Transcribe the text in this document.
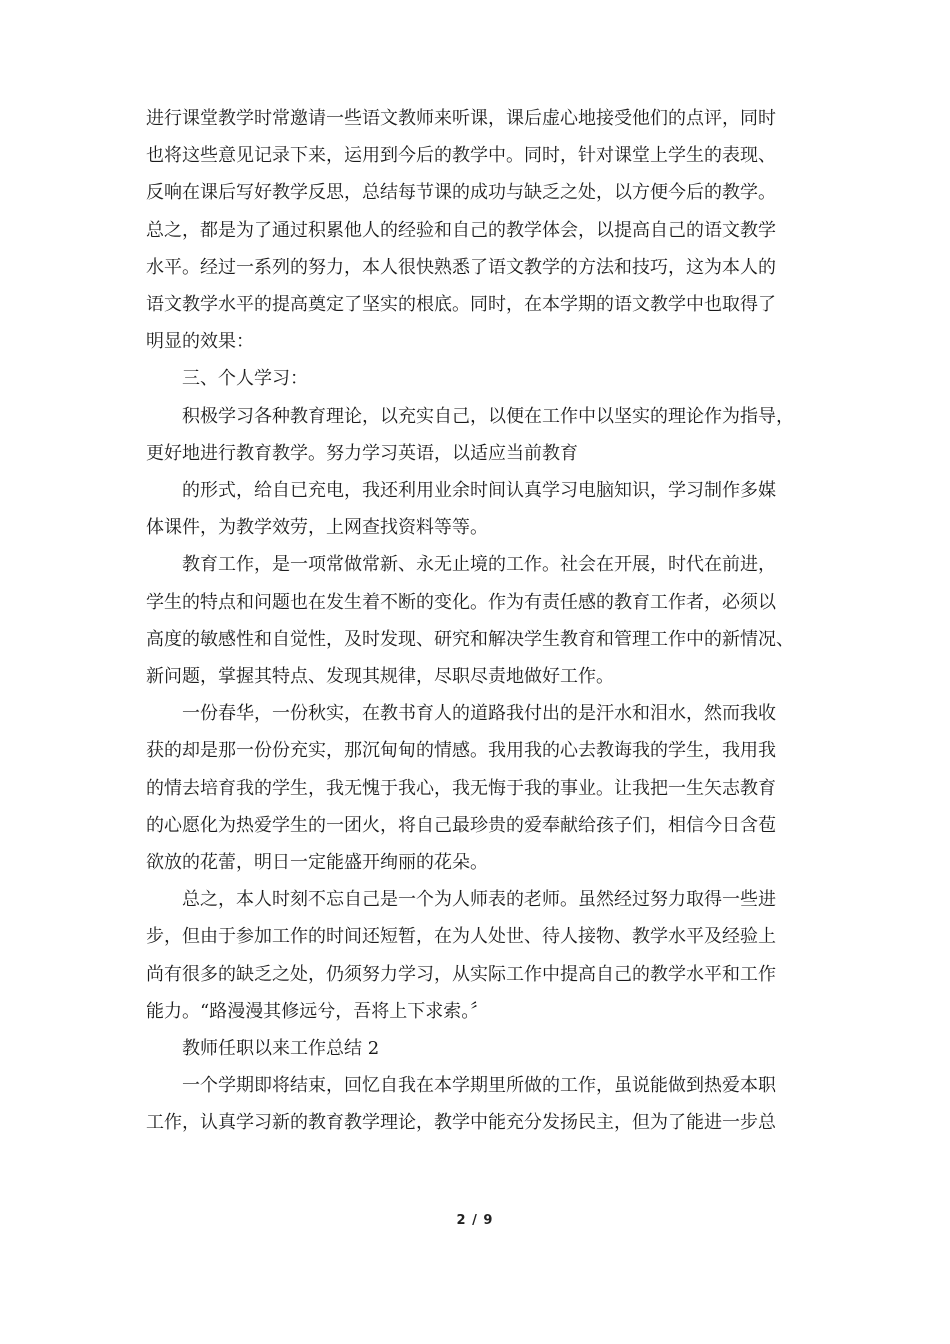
进行课堂教学时常邀请一些语文教师来听课，课后虚心地接受他们的点评，同时
也将这些意见记录下来，运用到今后的教学中。同时，针对课堂上学生的表现、
反响在课后写好教学反思，总结每节课的成功与缺乏之处，以方便今后的教学。
总之，都是为了通过积累他人的经验和自己的教学体会，以提高自己的语文教学
水平。经过一系列的努力，本人很快熟悉了语文教学的方法和技巧，这为本人的
语文教学水平的提高奠定了坚实的根底。同时，在本学期的语文教学中也取得了
明显的效果：
三、个人学习：
积极学习各种教育理论，以充实自己，以便在工作中以坚实的理论作为指导，
更好地进行教育教学。努力学习英语，以适应当前教育
的形式，给自已充电，我还利用业余时间认真学习电脑知识，学习制作多媒
体课件，为教学效劳，上网查找资料等等。
教育工作，是一项常做常新、永无止境的工作。社会在开展，时代在前进，
学生的特点和问题也在发生着不断的变化。作为有责任感的教育工作者，必须以
高度的敏感性和自觉性，及时发现、研究和解决学生教育和管理工作中的新情况、
新问题，掌握其特点、发现其规律，尽职尽责地做好工作。
一份春华，一份秋实，在教书育人的道路我付出的是汗水和泪水，然而我收
获的却是那一份份充实，那沉甸甸的情感。我用我的心去教诲我的学生，我用我
的情去培育我的学生，我无愧于我心，我无悔于我的事业。让我把一生矢志教育
的心愿化为热爱学生的一团火，将自己最珍贵的爱奉献给孩子们，相信今日含苞
欲放的花蕾，明日一定能盛开绚丽的花朵。
总之，本人时刻不忘自己是一个为人师表的老师。虽然经过努力取得一些进
步，但由于参加工作的时间还短暂，在为人处世、待人接物、教学水平及经验上
尚有很多的缺乏之处，仍须努力学习，从实际工作中提高自己的教学水平和工作
能力。“路漫漫其修远兮，吾将上下求索。〞
教师任职以来工作总结 2
一个学期即将结束，回忆自我在本学期里所做的工作，虽说能做到热爱本职
工作，认真学习新的教育教学理论，教学中能充分发扬民主，但为了能进一步总
2 / 9
